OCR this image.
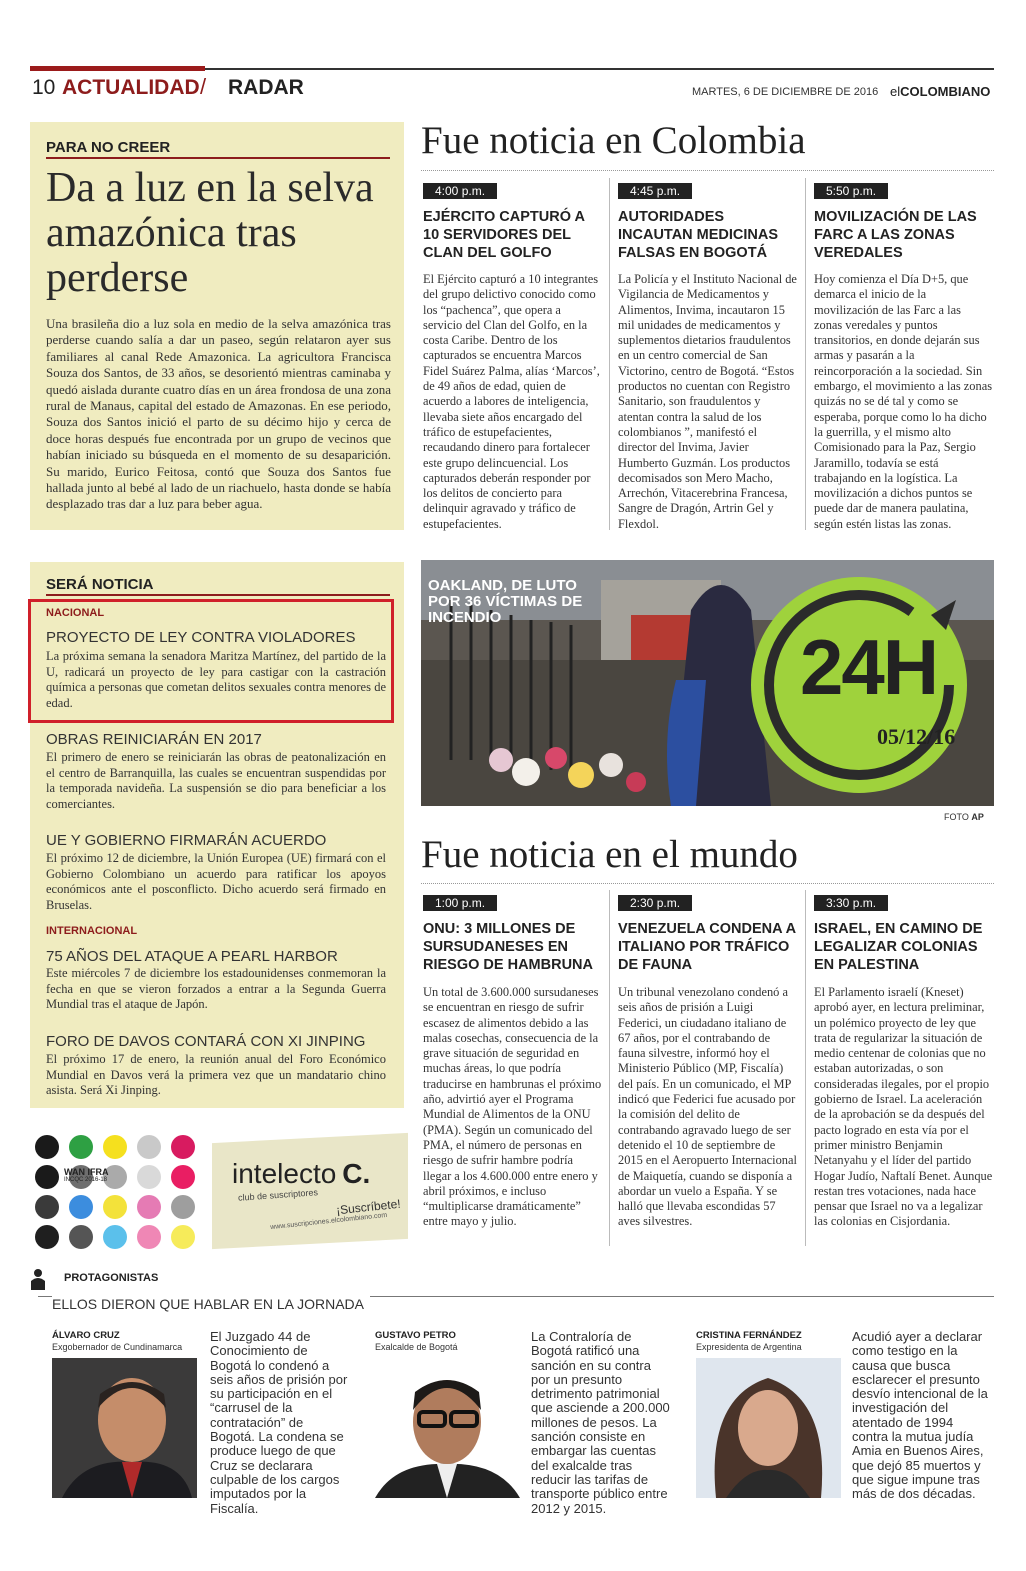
10 ACTUALIDAD / RADAR	MARTES, 6 DE DICIEMBRE DE 2016 elCOLOMBIANO
PARA NO CREER
Da a luz en la selva amazónica tras perderse
Una brasileña dio a luz sola en medio de la selva amazónica tras perderse cuando salía a dar un paseo, según relataron ayer sus familiares al canal Rede Amazonica. La agricultora Francisca Souza dos Santos, de 33 años, se desorientó mientras caminaba y quedó aislada durante cuatro días en un área frondosa de una zona rural de Manaus, capital del estado de Amazonas. En ese periodo, Souza dos Santos inició el parto de su décimo hijo y cerca de doce horas después fue encontrada por un grupo de vecinos que habían iniciado su búsqueda en el momento de su desaparición. Su marido, Eurico Feitosa, contó que Souza dos Santos fue hallada junto al bebé al lado de un riachuelo, hasta donde se había desplazado tras dar a luz para beber agua.
SERÁ NOTICIA
NACIONAL
PROYECTO DE LEY CONTRA VIOLADORES
La próxima semana la senadora Maritza Martínez, del partido de la U, radicará un proyecto de ley para castigar con la castración química a personas que cometan delitos sexuales contra menores de edad.
OBRAS REINICIARÁN EN 2017
El primero de enero se reiniciarán las obras de peatonalización en el centro de Barranquilla, las cuales se encuentran suspendidas por la temporada navideña. La suspensión se dio para beneficiar a los comerciantes.
UE Y GOBIERNO FIRMARÁN ACUERDO
El próximo 12 de diciembre, la Unión Europea (UE) firmará con el Gobierno Colombiano un acuerdo para ratificar los apoyos económicos ante el posconflicto. Dicho acuerdo será firmado en Bruselas.
INTERNACIONAL
75 AÑOS DEL ATAQUE A PEARL HARBOR
Este miércoles 7 de diciembre los estadounidenses conmemoran la fecha en que se vieron forzados a entrar a la Segunda Guerra Mundial tras el ataque de Japón.
FORO DE DAVOS CONTARÁ CON XI JINPING
El próximo 17 de enero, la reunión anual del Foro Económico Mundial en Davos verá la primera vez que un mandatario chino asista. Será Xi Jinping.
WAN IFRA
INCQC 2016-18	intelecto C.
club de suscriptores
¡Suscríbete!
www.suscripciones.elcolombiano.com
Fue noticia en Colombia
4:00 p.m.
EJÉRCITO CAPTURÓ A 10 SERVIDORES DEL CLAN DEL GOLFO
El Ejército capturó a 10 integrantes del grupo delictivo conocido como los “pachenca”, que opera a servicio del Clan del Golfo, en la costa Caribe. Dentro de los capturados se encuentra Marcos Fidel Suárez Palma, alías ‘Marcos’, de 49 años de edad, quien de acuerdo a labores de inteligencia, llevaba siete años encargado del tráfico de estupefacientes, recaudando dinero para fortalecer este grupo delincuencial. Los capturados deberán responder por los delitos de concierto para delinquir agravado y tráfico de estupefacientes.
4:45 p.m.
AUTORIDADES INCAUTAN MEDICINAS FALSAS EN BOGOTÁ
La Policía y el Instituto Nacional de Vigilancia de Medicamentos y Alimentos, Invima, incautaron 15 mil unidades de medicamentos y suplementos dietarios fraudulentos en un centro comercial de San Victorino, centro de Bogotá. “Estos productos no cuentan con Registro Sanitario, son fraudulentos y atentan contra la salud de los colombianos ”, manifestó el director del Invima, Javier Humberto Guzmán. Los productos decomisados son Mero Macho, Arrechón, Vitacerebrina Francesa, Sangre de Dragón, Artrin Gel y Flexdol.
5:50 p.m.
MOVILIZACIÓN DE LAS FARC A LAS ZONAS VEREDALES
Hoy comienza el Día D+5, que demarca el inicio de la movilización de las Farc a las zonas veredales y puntos transitorios, en donde dejarán sus armas y pasarán a la reincorporación a la sociedad. Sin embargo, el movimiento a las zonas quizás no se dé tal y como se esperaba, porque como lo ha dicho la guerrilla, y el mismo alto Comisionado para la Paz, Sergio Jaramillo, todavía se está trabajando en la logística. La movilización a dichos puntos se puede dar de manera paulatina, según estén listas las zonas.
OAKLAND, DE LUTO POR 36 VÍCTIMAS DE INCENDIO
24H
05/12/16
FOTO AP
Fue noticia en el mundo
1:00 p.m.
ONU: 3 MILLONES DE SURSUDANESES EN RIESGO DE HAMBRUNA
Un total de 3.600.000 sursudaneses se encuentran en riesgo de sufrir escasez de alimentos debido a las malas cosechas, consecuencia de la grave situación de seguridad en muchas áreas, lo que podría traducirse en hambrunas el próximo año, advirtió ayer el Programa Mundial de Alimentos de la ONU (PMA). Según un comunicado del PMA, el número de personas en riesgo de sufrir hambre podría llegar a los 4.600.000 entre enero y abril próximos, e incluso “multiplicarse dramáticamente” entre mayo y julio.
2:30 p.m.
VENEZUELA CONDENA A ITALIANO POR TRÁFICO DE FAUNA
Un tribunal venezolano condenó a seis años de prisión a Luigi Federici, un ciudadano italiano de 67 años, por el contrabando de fauna silvestre, informó hoy el Ministerio Público (MP, Fiscalía) del país. En un comunicado, el MP indicó que Federici fue acusado por la comisión del delito de contrabando agravado luego de ser detenido el 10 de septiembre de 2015 en el Aeropuerto Internacional de Maiquetía, cuando se disponía a abordar un vuelo a España. Y se halló que llevaba escondidas 57 aves silvestres.
3:30 p.m.
ISRAEL, EN CAMINO DE LEGALIZAR COLONIAS EN PALESTINA
El Parlamento israelí (Kneset) aprobó ayer, en lectura preliminar, un polémico proyecto de ley que trata de regularizar la situación de medio centenar de colonias que no estaban autorizadas, o son consideradas ilegales, por el propio gobierno de Israel. La aceleración de la aprobación se da después del pacto logrado en esta vía por el primer ministro Benjamin Netanyahu y el líder del partido Hogar Judío, Naftalí Benet. Aunque restan tres votaciones, nada hace pensar que Israel no va a legalizar las colonias en Cisjordania.
PROTAGONISTAS
ELLOS DIERON QUE HABLAR EN LA JORNADA
ÁLVARO CRUZ
Exgobernador de Cundinamarca
El Juzgado 44 de Conocimiento de Bogotá lo condenó a seis años de prisión por su participación en el “carrusel de la contratación” de Bogotá. La condena se produce luego de que Cruz se declarara culpable de los cargos imputados por la Fiscalía.
GUSTAVO PETRO
Exalcalde de Bogotá
La Contraloría de Bogotá ratificó una sanción en su contra por un presunto detrimento patrimonial que asciende a 200.000 millones de pesos. La sanción consiste en embargar las cuentas del exalcalde tras reducir las tarifas de transporte público entre 2012 y 2015.
CRISTINA FERNÁNDEZ
Expresidenta de Argentina
Acudió ayer a declarar como testigo en la causa que busca esclarecer el presunto desvío intencional de la investigación del atentado de 1994 contra la mutua judía Amia en Buenos Aires, que dejó 85 muertos y que sigue impune tras más de dos décadas.
